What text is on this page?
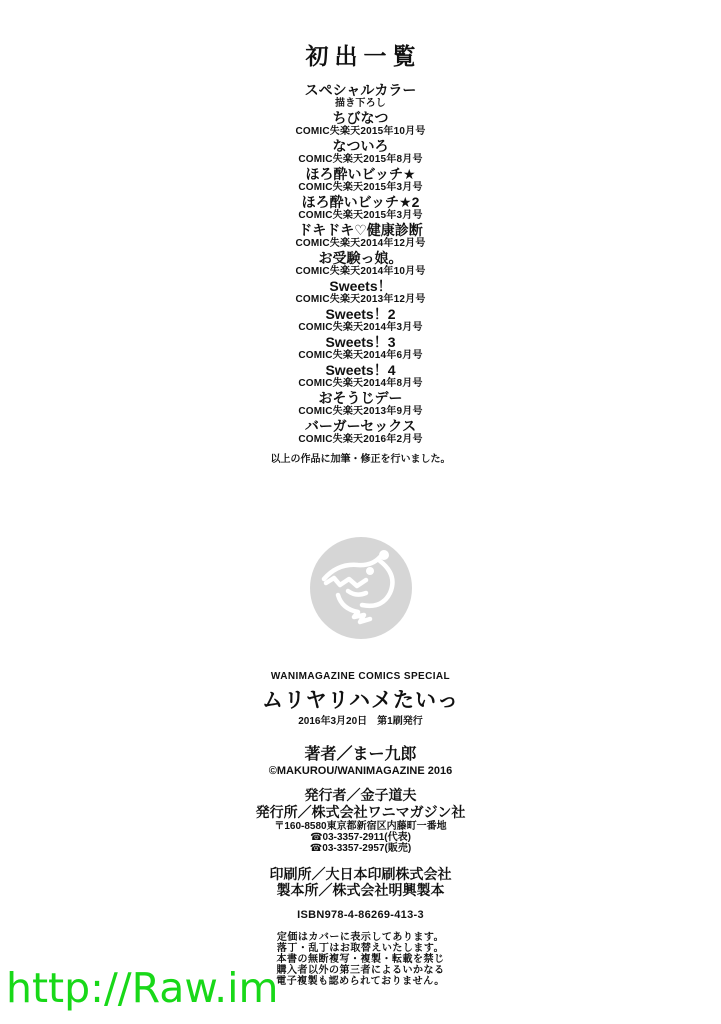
初出一覧
スペシャルカラー
描き下ろし
ちびなつ
COMIC失楽天2015年10月号
なついろ
COMIC失楽天2015年8月号
ほろ酔いビッチ★
COMIC失楽天2015年3月号
ほろ酔いビッチ★2
COMIC失楽天2015年3月号
ドキドキ♡健康診断
COMIC失楽天2014年12月号
お受験っ娘。
COMIC失楽天2014年10月号
Sweets！
COMIC失楽天2013年12月号
Sweets！2
COMIC失楽天2014年3月号
Sweets！3
COMIC失楽天2014年6月号
Sweets！4
COMIC失楽天2014年8月号
おそうじデー
COMIC失楽天2013年9月号
バーガーセックス
COMIC失楽天2016年2月号
以上の作品に加筆・修正を行いました。
WANIMAGAZINE COMICS SPECIAL
ムリヤリハメたいっ
2016年3月20日　第1刷発行
著者／まー九郎
©MAKUROU/WANIMAGAZINE 2016
発行者／金子道夫
発行所／株式会社ワニマガジン社
〒160-8580東京都新宿区内藤町一番地
☎03-3357-2911(代表)
☎03-3357-2957(販売)
印刷所／大日本印刷株式会社
製本所／株式会社明興製本
ISBN978-4-86269-413-3
定価はカバーに表示してあります。
落丁・乱丁はお取替えいたします。
本書の無断複写・複製・転載を禁じ
購入者以外の第三者によるいかなる
電子複製も認められておりません。
http://Raw.im
